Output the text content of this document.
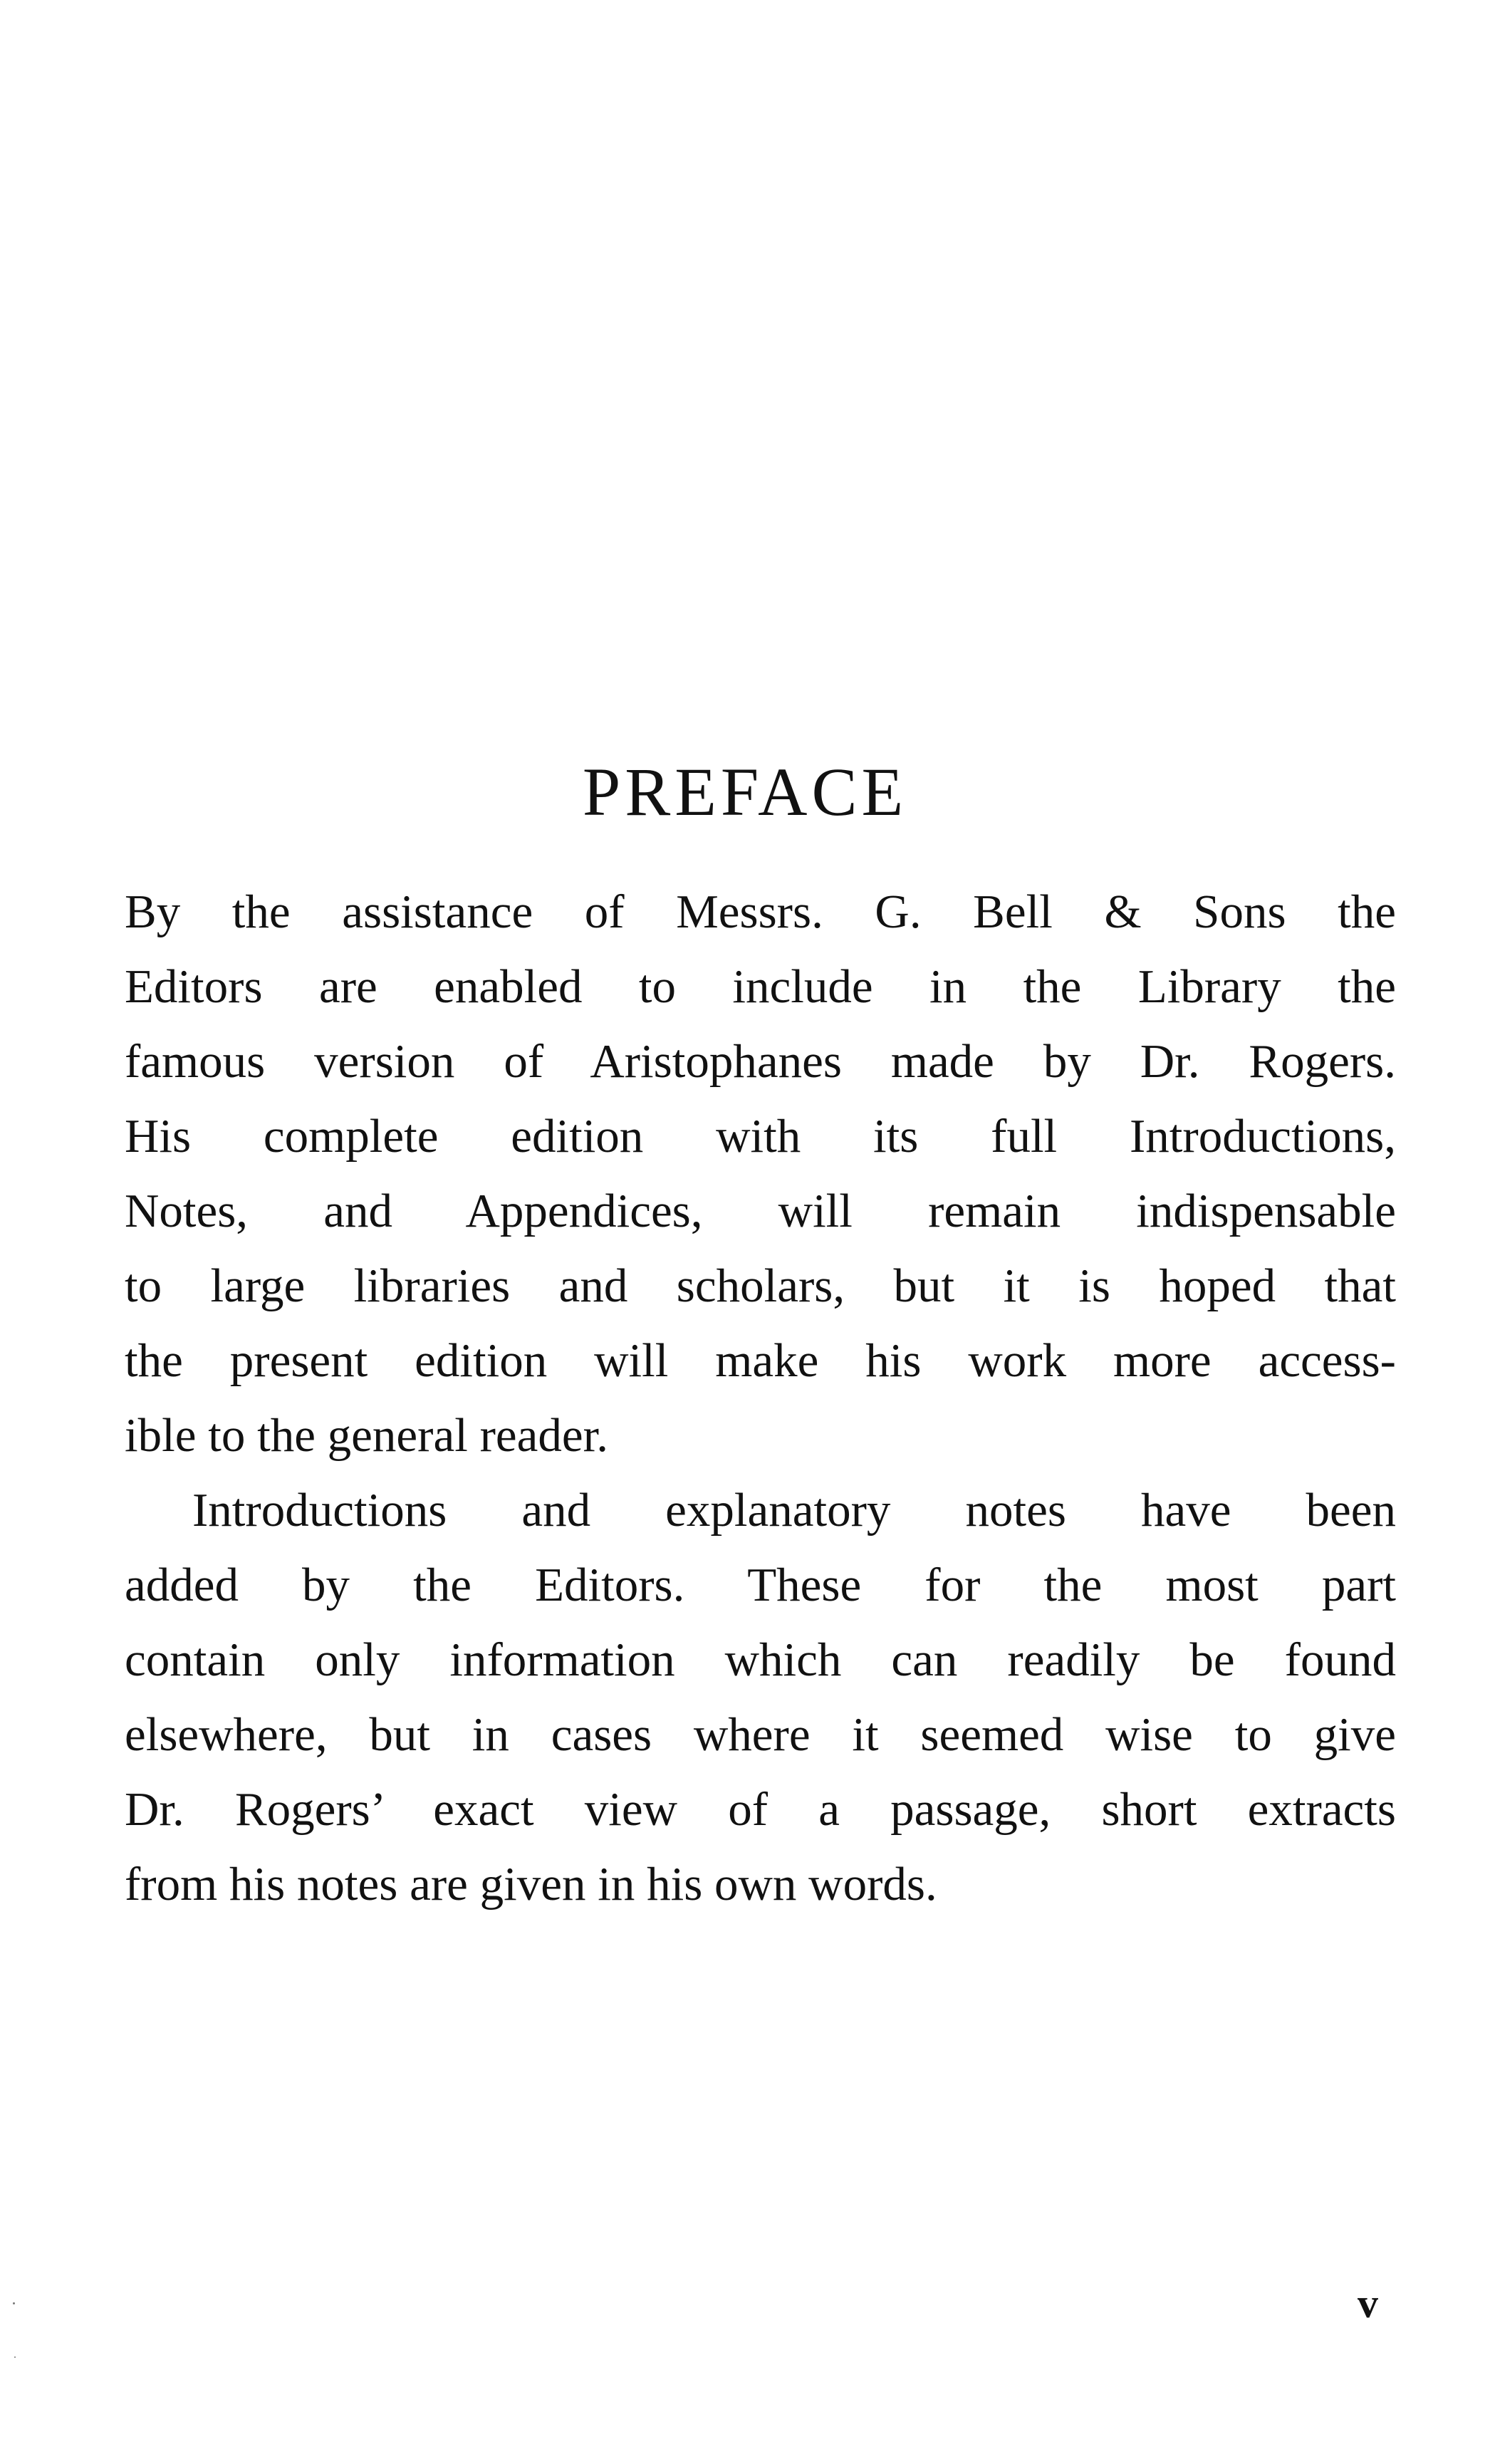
PREFACE
By the assistance of Messrs. G. Bell & Sons the
Editors are enabled to include in the Library the
famous version of Aristophanes made by Dr. Rogers.
His complete edition with its full Introductions,
Notes, and Appendices, will remain indispensable
to large libraries and scholars, but it is hoped that
the present edition will make his work more access-
ible to the general reader.
Introductions and explanatory notes have been
added by the Editors. These for the most part
contain only information which can readily be found
elsewhere, but in cases where it seemed wise to give
Dr. Rogers’ exact view of a passage, short extracts
from his notes are given in his own words.
v
